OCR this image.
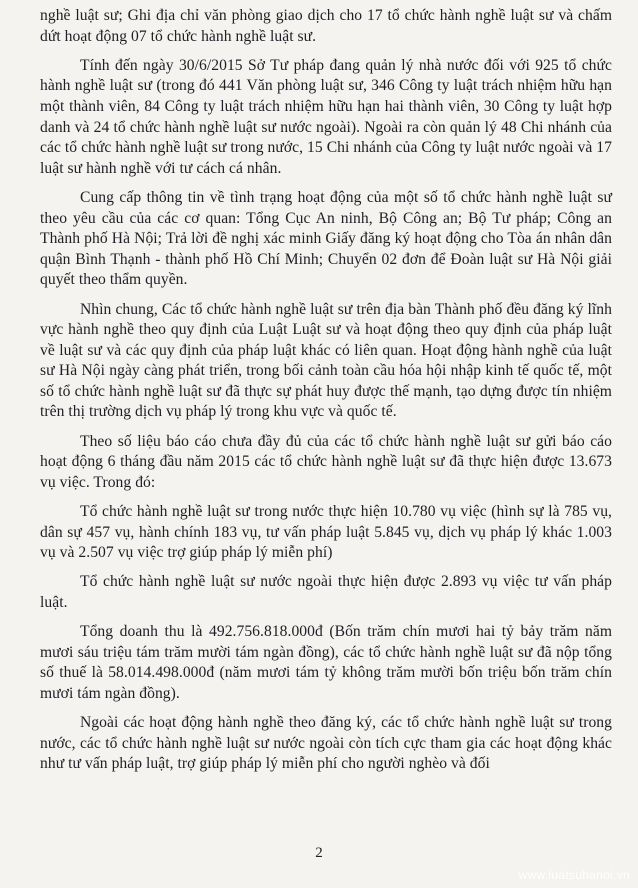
nghề luật sư; Ghi địa chỉ văn phòng giao dịch cho 17 tổ chức hành nghề luật sư và chấm dứt hoạt động 07 tổ chức hành nghề luật sư.

Tính đến ngày 30/6/2015 Sở Tư pháp đang quản lý nhà nước đối với 925 tổ chức hành nghề luật sư (trong đó 441 Văn phòng luật sư, 346 Công ty luật trách nhiệm hữu hạn một thành viên, 84 Công ty luật trách nhiệm hữu hạn hai thành viên, 30 Công ty luật hợp danh và 24 tổ chức hành nghề luật sư nước ngoài). Ngoài ra còn quản lý 48 Chi nhánh của các tổ chức hành nghề luật sư trong nước, 15 Chi nhánh của Công ty luật nước ngoài và 17 luật sư hành nghề với tư cách cá nhân.

Cung cấp thông tin về tình trạng hoạt động của một số tổ chức hành nghề luật sư theo yêu cầu của các cơ quan: Tổng Cục An ninh, Bộ Công an; Bộ Tư pháp; Công an Thành phố Hà Nội; Trả lời đề nghị xác minh Giấy đăng ký hoạt động cho Tòa án nhân dân quận Bình Thạnh - thành phố Hồ Chí Minh; Chuyển 02 đơn để Đoàn luật sư Hà Nội giải quyết theo thẩm quyền.

Nhìn chung, Các tổ chức hành nghề luật sư trên địa bàn Thành phố đều đăng ký lĩnh vực hành nghề theo quy định của Luật Luật sư và hoạt động theo quy định của pháp luật về luật sư và các quy định của pháp luật khác có liên quan. Hoạt động hành nghề của luật sư Hà Nội ngày càng phát triển, trong bối cảnh toàn cầu hóa hội nhập kinh tế quốc tế, một số tổ chức hành nghề luật sư đã thực sự phát huy được thế mạnh, tạo dựng được tín nhiệm trên thị trường dịch vụ pháp lý trong khu vực và quốc tế.

Theo số liệu báo cáo chưa đầy đủ của các tổ chức hành nghề luật sư gửi báo cáo hoạt động 6 tháng đầu năm 2015 các tổ chức hành nghề luật sư đã thực hiện được 13.673 vụ việc. Trong đó:

Tổ chức hành nghề luật sư trong nước thực hiện 10.780 vụ việc (hình sự là 785 vụ, dân sự 457 vụ, hành chính 183 vụ, tư vấn pháp luật 5.845 vụ, dịch vụ pháp lý khác 1.003 vụ và 2.507 vụ việc trợ giúp pháp lý miễn phí)

Tổ chức hành nghề luật sư nước ngoài thực hiện được 2.893 vụ việc tư vấn pháp luật.

Tổng doanh thu là 492.756.818.000đ (Bốn trăm chín mươi hai tỷ bảy trăm năm mươi sáu triệu tám trăm mười tám ngàn đồng), các tổ chức hành nghề luật sư đã nộp tổng số thuế là 58.014.498.000đ (năm mươi tám tỷ không trăm mười bốn triệu bốn trăm chín mươi tám ngàn đồng).

Ngoài các hoạt động hành nghề theo đăng ký, các tổ chức hành nghề luật sư trong nước, các tổ chức hành nghề luật sư nước ngoài còn tích cực tham gia các hoạt động khác như tư vấn pháp luật, trợ giúp pháp lý miễn phí cho người nghèo và đối

2
www.luatsuhanoi.vn
